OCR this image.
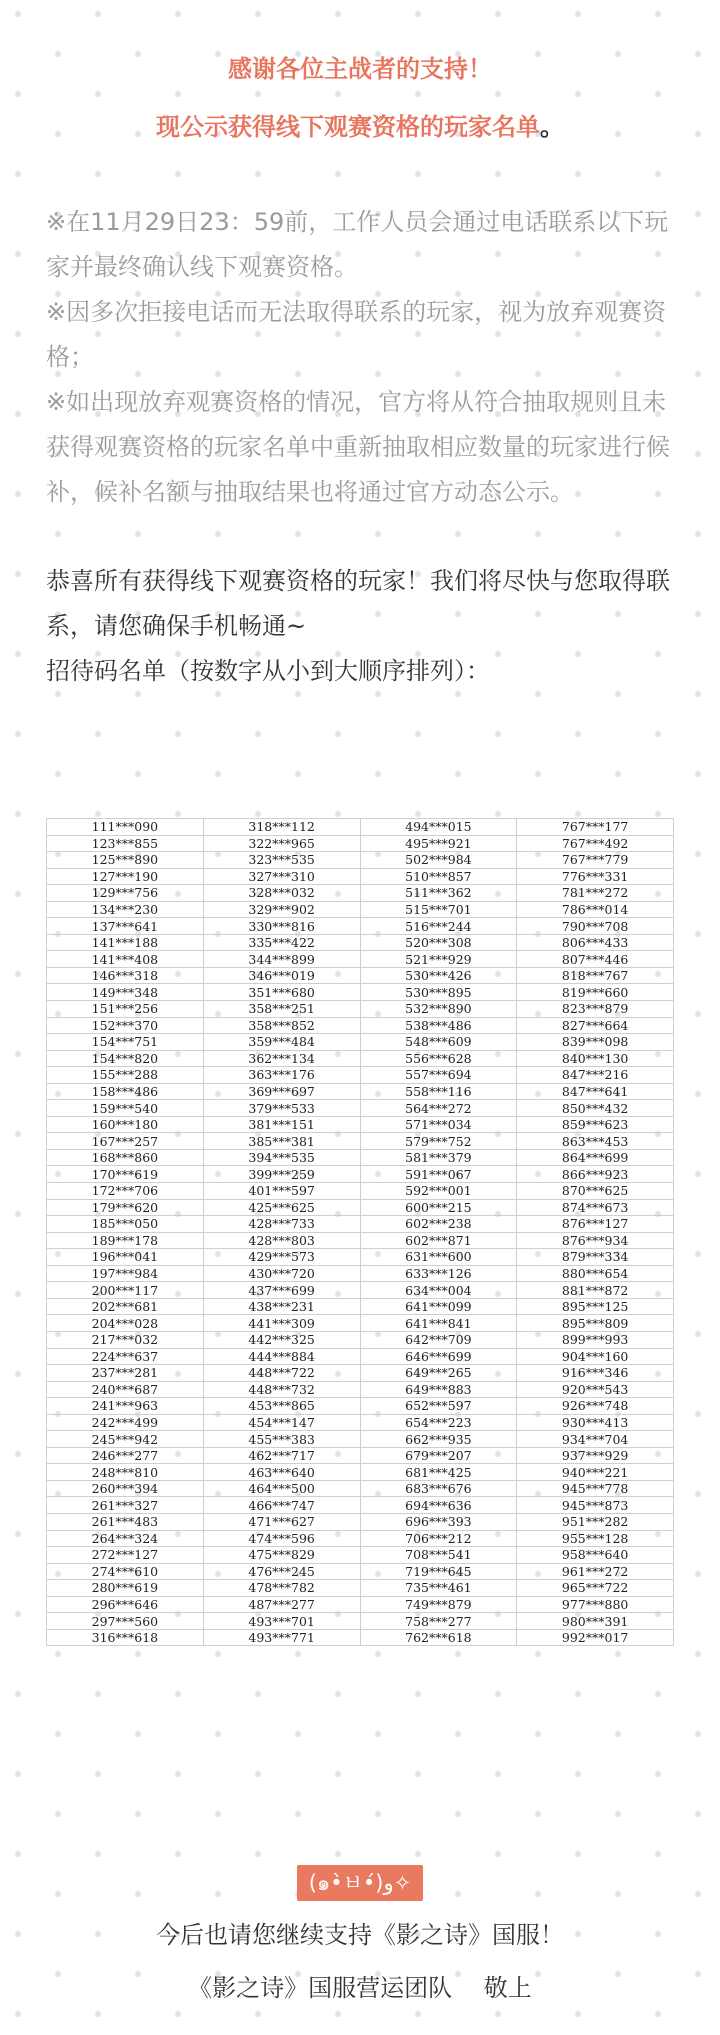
感谢各位主战者的支持！
现公示获得线下观赛资格的玩家名单。

※在11月29日23：59前，工作人员会通过电话联系以下玩家并最终确认线下观赛资格。

※因多次拒接电话而无法取得联系的玩家，视为放弃观赛资格；

※如出现放弃观赛资格的情况，官方将从符合抽取规则且未获得观赛资格的玩家名单中重新抽取相应数量的玩家进行候补，候补名额与抽取结果也将通过官方动态公示。

恭喜所有获得线下观赛资格的玩家！我们将尽快与您取得联系，请您确保手机畅通~

招待码名单（按数字从小到大顺序排列）：

111***090	318***112	494***015	767***177
123***855	322***965	495***921	767***492
125***890	323***535	502***984	767***779
127***190	327***310	510***857	776***331
129***756	328***032	511***362	781***272
134***230	329***902	515***701	786***014
137***641	330***816	516***244	790***708
141***188	335***422	520***308	806***433
141***408	344***899	521***929	807***446
146***318	346***019	530***426	818***767
149***348	351***680	530***895	819***660
151***256	358***251	532***890	823***879
152***370	358***852	538***486	827***664
154***751	359***484	548***609	839***098
154***820	362***134	556***628	840***130
155***288	363***176	557***694	847***216
158***486	369***697	558***116	847***641
159***540	379***533	564***272	850***432
160***180	381***151	571***034	859***623
167***257	385***381	579***752	863***453
168***860	394***535	581***379	864***699
170***619	399***259	591***067	866***923
172***706	401***597	592***001	870***625
179***620	425***625	600***215	874***673
185***050	428***733	602***238	876***127
189***178	428***803	602***871	876***934
196***041	429***573	631***600	879***334
197***984	430***720	633***126	880***654
200***117	437***699	634***004	881***872
202***681	438***231	641***099	895***125
204***028	441***309	641***841	895***809
217***032	442***325	642***709	899***993
224***637	444***884	646***699	904***160
237***281	448***722	649***265	916***346
240***687	448***732	649***883	920***543
241***963	453***865	652***597	926***748
242***499	454***147	654***223	930***413
245***942	455***383	662***935	934***704
246***277	462***717	679***207	937***929
248***810	463***640	681***425	940***221
260***394	464***500	683***676	945***778
261***327	466***747	694***636	945***873
261***483	471***627	696***393	951***282
264***324	474***596	706***212	955***128
272***127	475***829	708***541	958***640
274***610	476***245	719***645	961***272
280***619	478***782	735***461	965***722
296***646	487***277	749***879	977***880
297***560	493***701	758***277	980***391
316***618	493***771	762***618	992***017
(๑•̀ㅂ•́)و✧
今后也请您继续支持《影之诗》国服！
《影之诗》国服营运团队　 敬上
